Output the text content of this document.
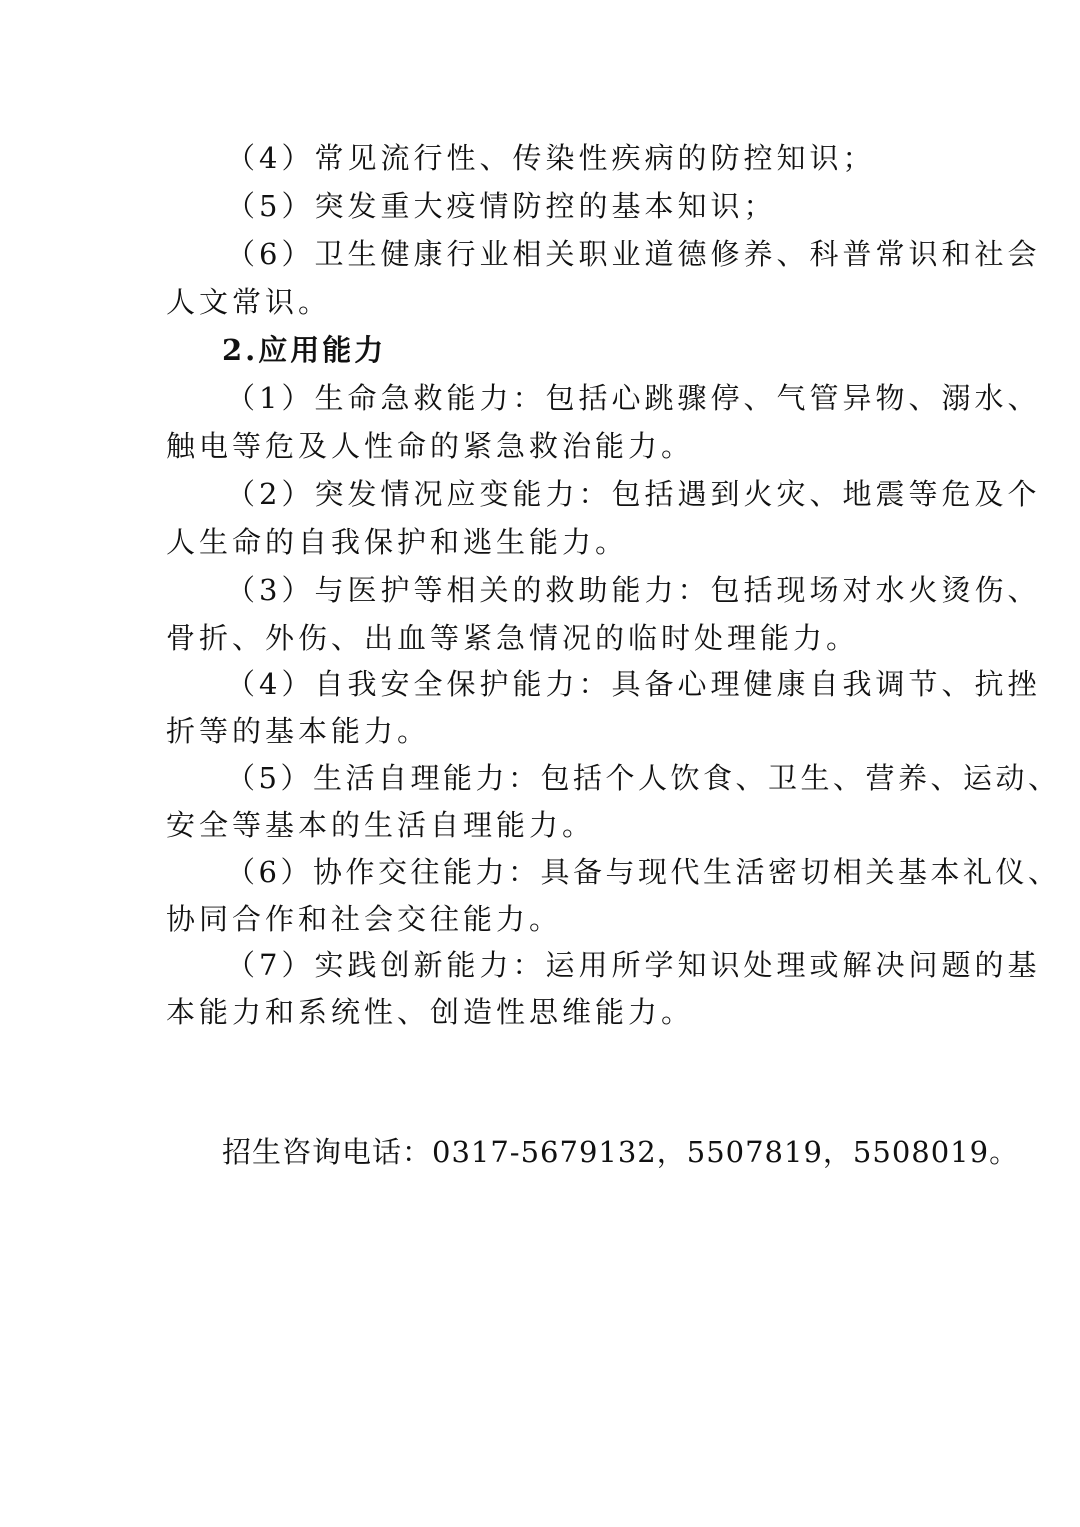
（4）常见流行性、传染性疾病的防控知识；
（5）突发重大疫情防控的基本知识；
（6）卫生健康行业相关职业道德修养、科普常识和社会
人文常识。
2.应用能力
（1）生命急救能力：包括心跳骤停、气管异物、溺水、
触电等危及人性命的紧急救治能力。
（2）突发情况应变能力：包括遇到火灾、地震等危及个
人生命的自我保护和逃生能力。
（3）与医护等相关的救助能力：包括现场对水火烫伤、
骨折、外伤、出血等紧急情况的临时处理能力。
（4）自我安全保护能力：具备心理健康自我调节、抗挫
折等的基本能力。
（5）生活自理能力：包括个人饮食、卫生、营养、运动、
安全等基本的生活自理能力。
（6）协作交往能力：具备与现代生活密切相关基本礼仪、
协同合作和社会交往能力。
（7）实践创新能力：运用所学知识处理或解决问题的基
本能力和系统性、创造性思维能力。
招生咨询电话：0317-5679132，5507819，5508019。
